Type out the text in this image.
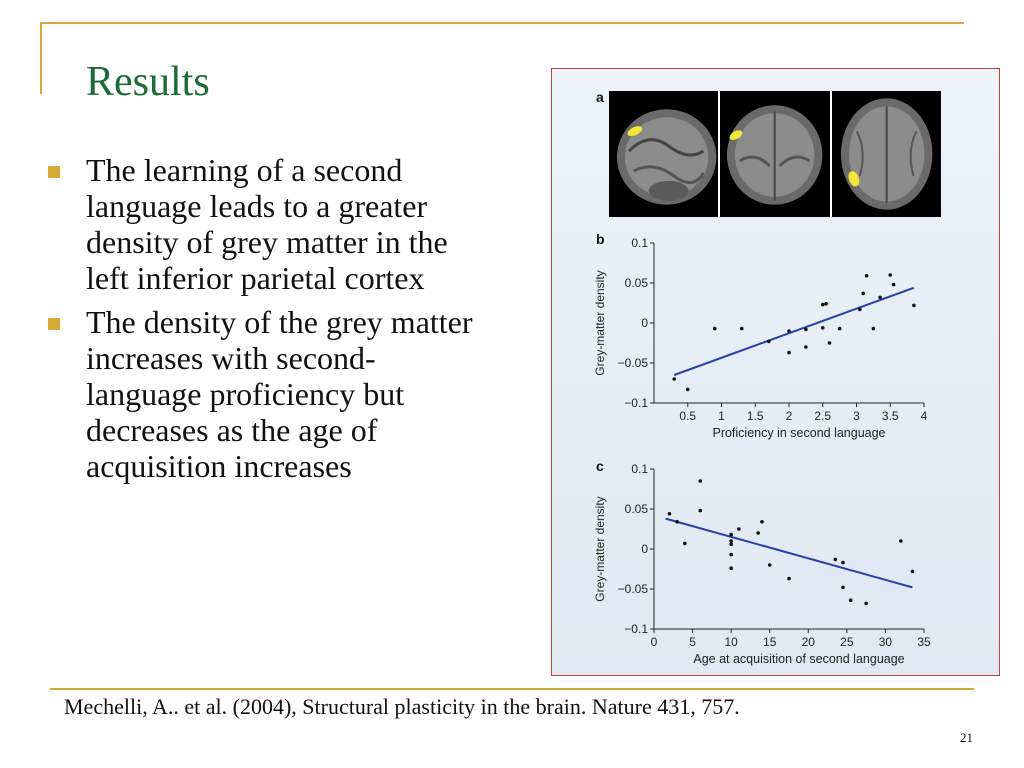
Results
The learning of a second language leads to a greater density of grey matter in the left inferior parietal cortex
The density of the grey matter increases with second-language proficiency but decreases as the age of acquisition increases
a
b
−0.1
−0.05
0
0.05
0.1
0.5 1 1.5 2 2.5 3 3.5 4
Proficiency in second language
Grey-matter density
c
−0.1
−0.05
0
0.05
0.1
0	5 10 15 20 25 30 35
Age at acquisition of second language
Grey-matter density
Mechelli, A.. et al. (2004), Structural plasticity in the brain. Nature 431, 757.
21
